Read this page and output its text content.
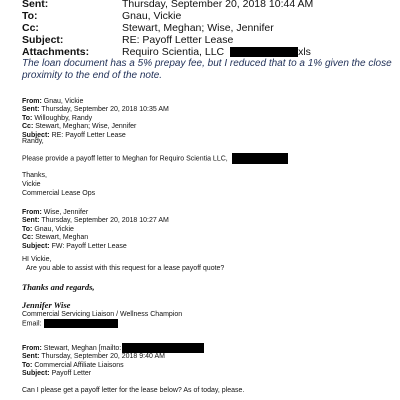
Sent:	Thursday, September 20, 2018 10:44 AM
To:	Gnau, Vickie
Cc:	Stewart, Meghan; Wise, Jennifer
Subject:	RE: Payoff Letter Lease
Attachments:	Requiro Scientia, LLC	xls
The loan document has a 5% prepay fee, but I reduced that to a 1% given the close proximity to the end of the note.
From: Gnau, Vickie
Sent: Thursday, September 20, 2018 10:35 AM
To: Willoughby, Randy
Cc: Stewart, Meghan; Wise, Jennifer
Subject: RE: Payoff Letter Lease
Randy,
Please provide a payoff letter to Meghan for Requiro Scientia LLC,
Thanks,
Vickie
Commercial Lease Ops
From: Wise, Jennifer
Sent: Thursday, September 20, 2018 10:27 AM
To: Gnau, Vickie
Cc: Stewart, Meghan
Subject: FW: Payoff Letter Lease
HI Vickie,
Are you able to assist with this request for a lease payoff quote?
Thanks and regards,
Jennifer Wise
Commercial Servicing Liaison / Wellness Champion
Email:
From: Stewart, Meghan [mailto:
Sent: Thursday, September 20, 2018 9:40 AM
To: Commercial Affiliate Liaisons
Subject: Payoff Letter
Can I please get a payoff letter for the lease below? As of today, please.
